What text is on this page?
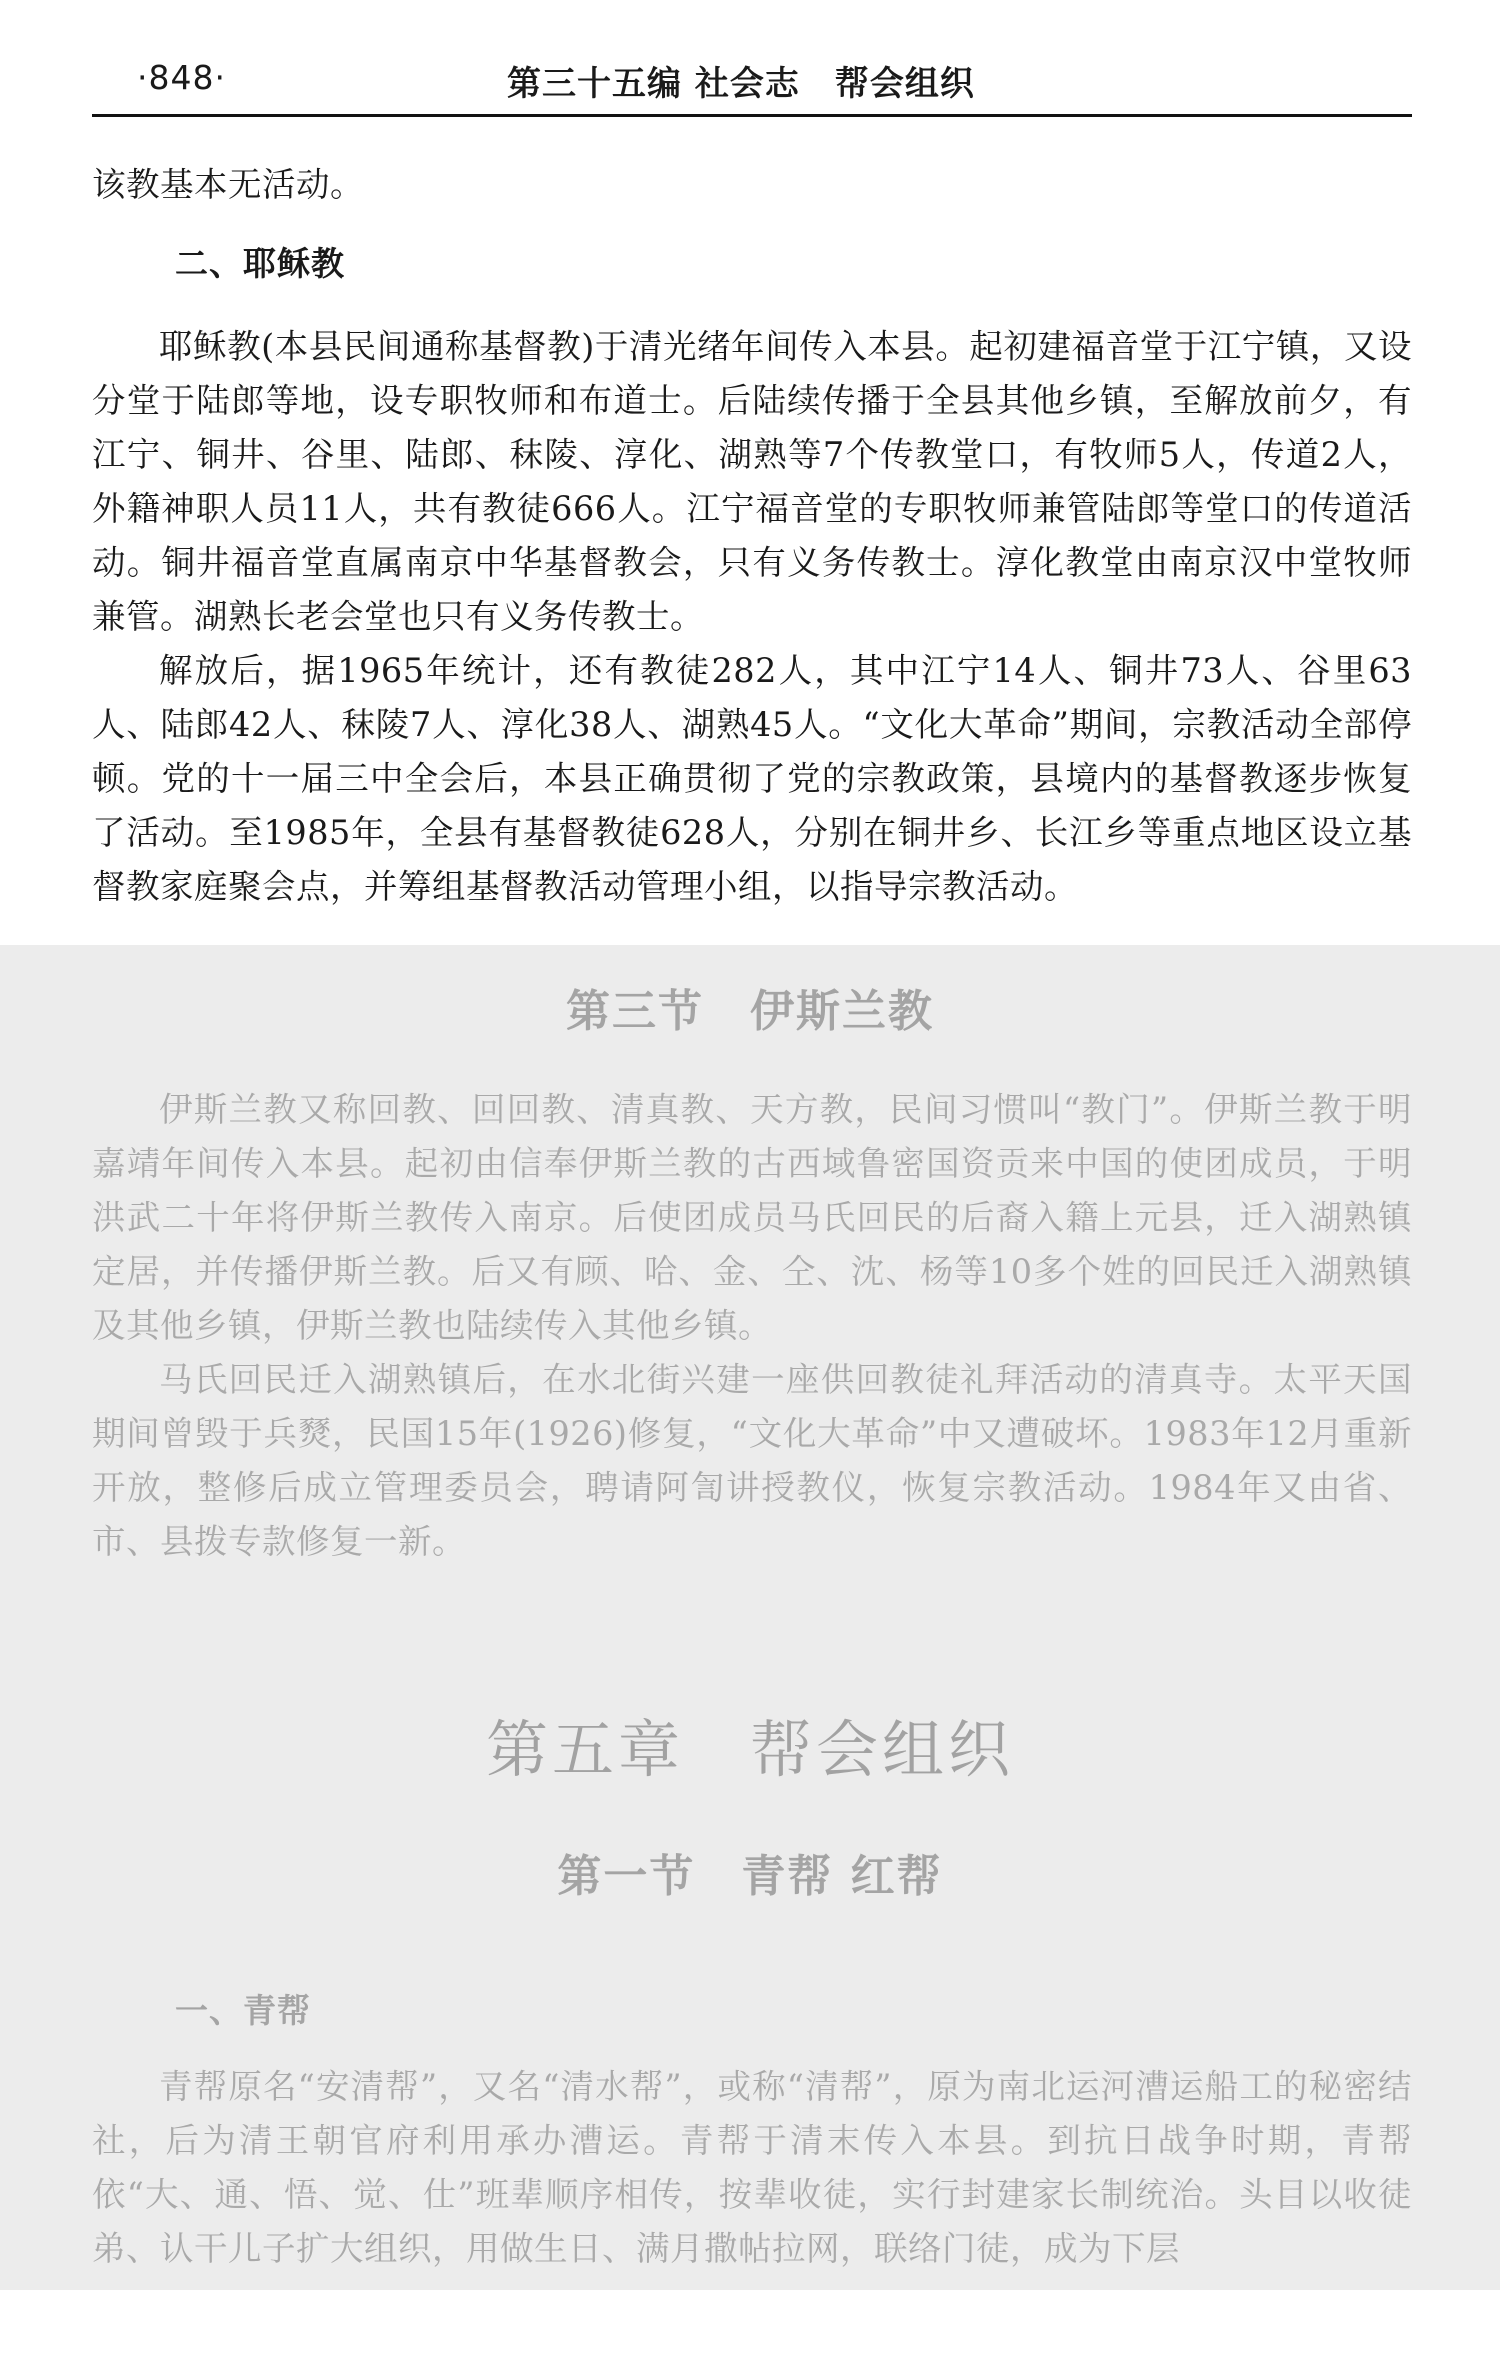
·848·	第三十五编 社会志　帮会组织

该教基本无活动。

二、耶稣教

耶稣教(本县民间通称基督教)于清光绪年间传入本县。起初建福音堂于江宁镇，又设分堂于陆郎等地，设专职牧师和布道士。后陆续传播于全县其他乡镇，至解放前夕，有江宁、铜井、谷里、陆郎、秣陵、淳化、湖熟等7个传教堂口，有牧师5人，传道2人，外籍神职人员11人，共有教徒666人。江宁福音堂的专职牧师兼管陆郎等堂口的传道活动。铜井福音堂直属南京中华基督教会，只有义务传教士。淳化教堂由南京汉中堂牧师兼管。湖熟长老会堂也只有义务传教士。

解放后，据1965年统计，还有教徒282人，其中江宁14人、铜井73人、谷里63人、陆郎42人、秣陵7人、淳化38人、湖熟45人。“文化大革命”期间，宗教活动全部停顿。党的十一届三中全会后，本县正确贯彻了党的宗教政策，县境内的基督教逐步恢复了活动。至1985年，全县有基督教徒628人，分别在铜井乡、长江乡等重点地区设立基督教家庭聚会点，并筹组基督教活动管理小组，以指导宗教活动。

第三节　伊斯兰教

伊斯兰教又称回教、回回教、清真教、天方教，民间习惯叫“教门”。伊斯兰教于明嘉靖年间传入本县。起初由信奉伊斯兰教的古西域鲁密国资贡来中国的使团成员，于明洪武二十年将伊斯兰教传入南京。后使团成员马氏回民的后裔入籍上元县，迁入湖熟镇定居，并传播伊斯兰教。后又有顾、哈、金、仝、沈、杨等10多个姓的回民迁入湖熟镇及其他乡镇，伊斯兰教也陆续传入其他乡镇。

马氏回民迁入湖熟镇后，在水北街兴建一座供回教徒礼拜活动的清真寺。太平天国期间曾毁于兵燹，民国15年(1926)修复，“文化大革命”中又遭破坏。1983年12月重新开放，整修后成立管理委员会，聘请阿訇讲授教仪，恢复宗教活动。1984年又由省、市、县拨专款修复一新。

第五章　帮会组织
第一节　青帮 红帮
一、青帮

青帮原名“安清帮”，又名“清水帮”，或称“清帮”，原为南北运河漕运船工的秘密结社，后为清王朝官府利用承办漕运。青帮于清末传入本县。到抗日战争时期，青帮依“大、通、悟、觉、仕”班辈顺序相传，按辈收徒，实行封建家长制统治。头目以收徒弟、认干儿子扩大组织，用做生日、满月撒帖拉网，联络门徒，成为下层
